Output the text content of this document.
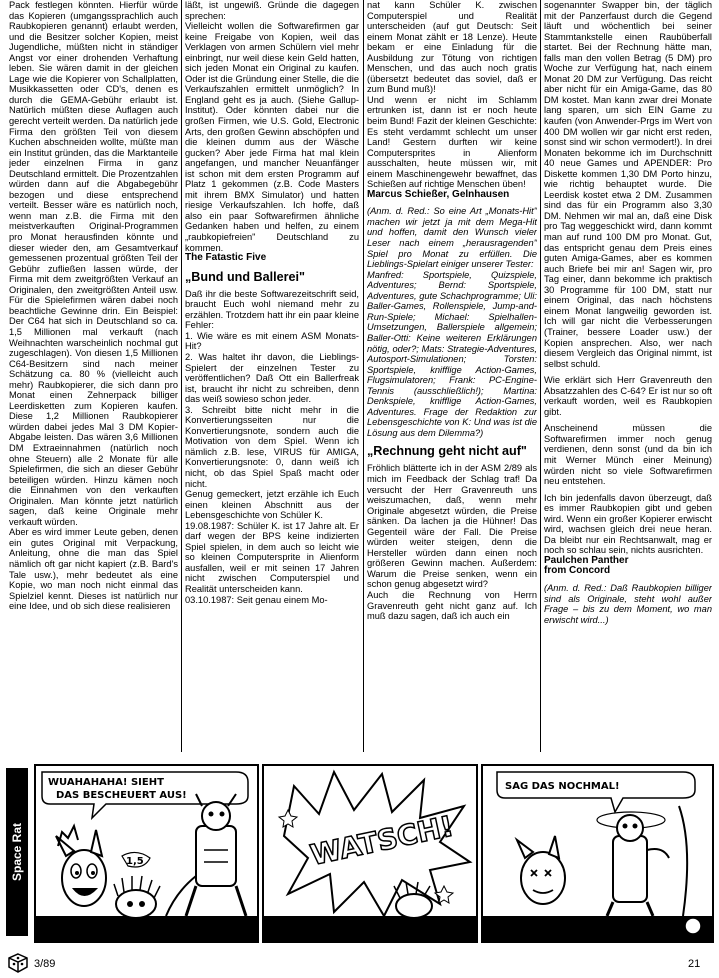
Pack festlegen könnten. Hierfür würde das Kopieren (umgangssprachlich auch Raubkopieren genannt) erlaubt werden, und die Besitzer solcher Kopien, meist Jugendliche, müßten nicht in ständiger Angst vor einer drohenden Verhaftung leben. Sie wären damit in der gleichen Lage wie die Kopierer von Schallplatten, Musikkassetten oder CD's, denen es durch die GEMA-Gebühr erlaubt ist. Natürlich müßten diese Auflagen auch gerecht verteilt werden. Da natürlich jede Firma den größten Teil von diesem Kuchen abschneiden wollte, müßte man ein Institut gründen, das die Marktanteile jeder einzelnen Firma in ganz Deutschland ermittelt. Die Prozentzahlen würden dann auf die Abgabegebühr bezogen und diese entsprechend verteilt. Besser wäre es natürlich noch, wenn man z.B. die Firma mit den meistverkauften Original-Programmen pro Monat herausfinden könnte und dieser wieder den, am Gesamtverkauf gemessenen prozentual größten Teil der Gebühr zufließen lassen würde, der Firma mit dem zweitgrößten Verkauf an Originalen, den zweitgrößten Anteil usw. Für die Spielefirmen wären dabei noch beachtliche Gewinne drin. Ein Beispiel: Der C64 hat sich in Deutschland so ca. 1,5 Millionen mal verkauft (nach Weihnachten warscheinlich nochmal gut zugeschlagen). Von diesen 1,5 Millionen C64-Besitzern sind nach meiner Schätzung ca. 80 % (vielleicht auch mehr) Raubkopierer, die sich dann pro Monat einen Zehnerpack billiger Leerdisketten zum Kopieren kaufen. Diese 1,2 Millionen Raubkopierer würden dabei jedes Mal 3 DM Kopier-Abgabe leisten. Das wären 3,6 Millionen DM Extraeinnahmen (natürlich noch ohne Steuern) alle 2 Monate für alle Spielefirmen, die sich an dieser Gebühr beteiligen würden. Hinzu kämen noch die Einnahmen von den verkauften Originalen. Man könnte jetzt natürlich sagen, daß keine Originale mehr verkauft würden.

Aber es wird immer Leute geben, denen ein gutes Original mit Verpackung, Anleitung, ohne die man das Spiel nämlich oft gar nicht kapiert (z.B. Bard's Tale usw.), mehr bedeutet als eine Kopie, wo man noch nicht einmal das Spielziel kennt. Dieses ist natürlich nur eine Idee, und ob sich diese realisieren

läßt, ist ungewiß. Gründe die dagegen sprechen:

Vielleicht wollen die Softwarefirmen gar keine Freigabe von Kopien, weil das Verklagen von armen Schülern viel mehr einbringt, nur weil diese kein Geld hatten, sich jeden Monat ein Original zu kaufen. Oder ist die Gründung einer Stelle, die die Verkaufszahlen ermittelt unmöglich? In England geht es ja auch. (Siehe Gallup-Institut). Oder könnten dabei nur die großen Firmen, wie U.S. Gold, Electronic Arts, den großen Gewinn abschöpfen und die kleinen dumm aus der Wäsche gucken? Aber jede Firma hat mal klein angefangen, und mancher Neuanfänger ist schon mit dem ersten Programm auf Platz 1 gekommen (z.B. Code Masters mit ihrem BMX Simulator) und hatten riesige Verkaufszahlen. Ich hoffe, daß also ein paar Softwarefirmen ähnliche Gedanken haben und helfen, zu einem „raubkopiefreien" Deutschland zu kommen.

The Fatastic Five

„Bund und Ballerei"

Daß ihr die beste Softwarezeitschrift seid, braucht Euch wohl niemand mehr zu erzählen. Trotzdem hatt ihr ein paar kleine Fehler:

1. Wie wäre es mit einem ASM Monats-Hit?

2. Was haltet ihr davon, die Lieblings-Spielert der einzelnen Tester zu veröffentlichen? Daß Ott ein Ballerfreak ist, braucht ihr nicht zu schreiben, denn das weiß sowieso schon jeder.

3. Schreibt bitte nicht mehr in die Konvertierungsseiten nur die Konvertierungsnote, sondern auch die Motivation von dem Spiel. Wenn ich nämlich z.B. lese, VIRUS für AMIGA, Konvertierungsnote: 0, dann weiß ich nicht, ob das Spiel Spaß macht oder nicht.

Genug gemeckert, jetzt erzähle ich Euch einen kleinen Abschnitt aus der Lebensgeschichte von Schüler K.

19.08.1987: Schüler K. ist 17 Jahre alt. Er darf wegen der BPS keine indizierten Spiel spielen, in dem auch so leicht wie so kleinen Computersprite in Alienform ausfallen, weil er mit seinen 17 Jahren nicht zwischen Computerspiel und Realität unterscheiden kann.

03.10.1987: Seit genau einem Mo-

nat kann Schüler K. zwischen Computerspiel und Realität unterscheiden (auf gut Deutsch: Seit einem Monat zählt er 18 Lenze). Heute bekam er eine Einladung für die Ausbildung zur Tötung von richtigen Menschen, und das auch noch gratis (übersetzt bedeutet das soviel, daß er zum Bund muß)!

Und wenn er nicht im Schlamm ertrunken ist, dann ist er noch heute beim Bund! Fazit der kleinen Geschichte: Es steht verdammt schlecht um unser Land! Gestern durften wir keine Computersprites in Alienform ausschalten, heute müssen wir, mit einem Maschinengewehr bewaffnet, das Schießen auf richtige Menschen üben!

Marcus Schießer, Gelnhausen

(Anm. d. Red.: So eine Art „Monats-Hit" machen wir jetzt ja mit dem Mega-Hit und hoffen, damit den Wunsch vieler Leser nach einem „herausragenden" Spiel pro Monat zu erfüllen. Die Lieblings-Spielart einiger unserer Tester:

Manfred: Sportspiele, Quizspiele, Adventures; Bernd: Sportspiele, Adventures, gute Schachprogramme; Uli: Baller-Games, Rollenspiele, Jump-and-Run-Spiele; Michael: Spielhallen-Umsetzungen, Ballerspiele allgemein; Baller-Otti: Keine weiteren Erklärungen nötig, oder?; Mats: Strategie-Adventures, Autosport-Simulationen; Torsten: Sportspiele, knifflige Action-Games, Flugsimulatoren; Frank: PC-Engine-Tennis (ausschließlich!); Martina: Denkspiele, knifflige Action-Games, Adventures. Frage der Redaktion zur Lebensgeschichte von K: Und was ist die Lösung aus dem Dilemma?)

„Rechnung geht nicht auf"

Fröhlich blätterte ich in der ASM 2/89 als mich im Feedback der Schlag traf! Da versucht der Herr Gravenreuth uns weiszumachen, daß, wenn mehr Originale abgesetzt würden, die Preise sänken. Da lachen ja die Hühner! Das Gegenteil wäre der Fall. Die Preise würden weiter steigen, denn die Hersteller würden dann einen noch größeren Gewinn machen. Außerdem: Warum die Preise senken, wenn ein schon genug abgesetzt wird?

Auch die Rechnung von Herrn Gravenreuth geht nicht ganz auf. Ich muß dazu sagen, daß ich auch ein

sogenannter Swapper bin, der täglich mit der Panzerfaust durch die Gegend läuft und wöchentlich bei seiner Stammtankstelle einen Raubüberfall startet. Bei der Rechnung hätte man, falls man den vollen Betrag (5 DM) pro Woche zur Verfügung hat, nach einem Monat 20 DM zur Verfügung. Das reicht aber nicht für ein Amiga-Game, das 80 DM kostet. Man kann zwar drei Monate lang sparen, um sich EIN Game zu kaufen (von Anwender-Prgs im Wert von 400 DM wollen wir gar nicht erst reden, sonst sind wir schon vermodert!). In drei Monaten bekomme ich im Durchschnitt 40 neue Games und APENDER: Pro Diskette kommen 1,30 DM Porto hinzu, wie richtig behauptet wurde. Die Leerdisk kostet etwa 2 DM. Zusammen sind das für ein Programm also 3,30 DM. Nehmen wir mal an, daß eine Disk pro Tag weggeschickt wird, dann kommt man auf rund 100 DM pro Monat. Gut, das entspricht genau dem Preis eines guten Amiga-Games, aber es kommen auch Briefe bei mir an! Sagen wir, pro Tag einer, dann bekomme ich praktisch 30 Programme für 100 DM, statt nur einem Original, das nach höchstens einem Monat langweilig geworden ist. Ich will gar nicht die Verbesserungen (Trainer, bessere Loader usw.) der Kopien ansprechen. Also, wer nach diesem Vergleich das Original nimmt, ist selbst schuld.

Wie erklärt sich Herr Gravenreuth den Absatzzahlen des C-64? Er ist nur so oft verkauft worden, weil es Raubkopien gibt.

Anscheinend müssen die Softwarefirmen immer noch genug verdienen, denn sonst (und da bin ich mit Werner Münch einer Meinung) würden nicht so viele Softwarefirmen neu entstehen.

Ich bin jedenfalls davon überzeugt, daß es immer Raubkopien gibt und geben wird. Wenn ein großer Kopierer erwischt wird, wachsen gleich drei neue heran. Da bleibt nur ein Rechtsanwalt, mag er noch so schlau sein, nichts ausrichten.

Paulchen Panther

from Concord

(Anm. d. Red.: Daß Raubkopien billiger sind als Originale, steht wohl außer Frage – bis zu dem Moment, wo man erwischt wird...)

Space Rat
WUAHAHAHA! SIEHT DAS BESCHEUERT AUS!
1,5	WATSCH!
SAG DAS NOCHMAL!
3/89	21
